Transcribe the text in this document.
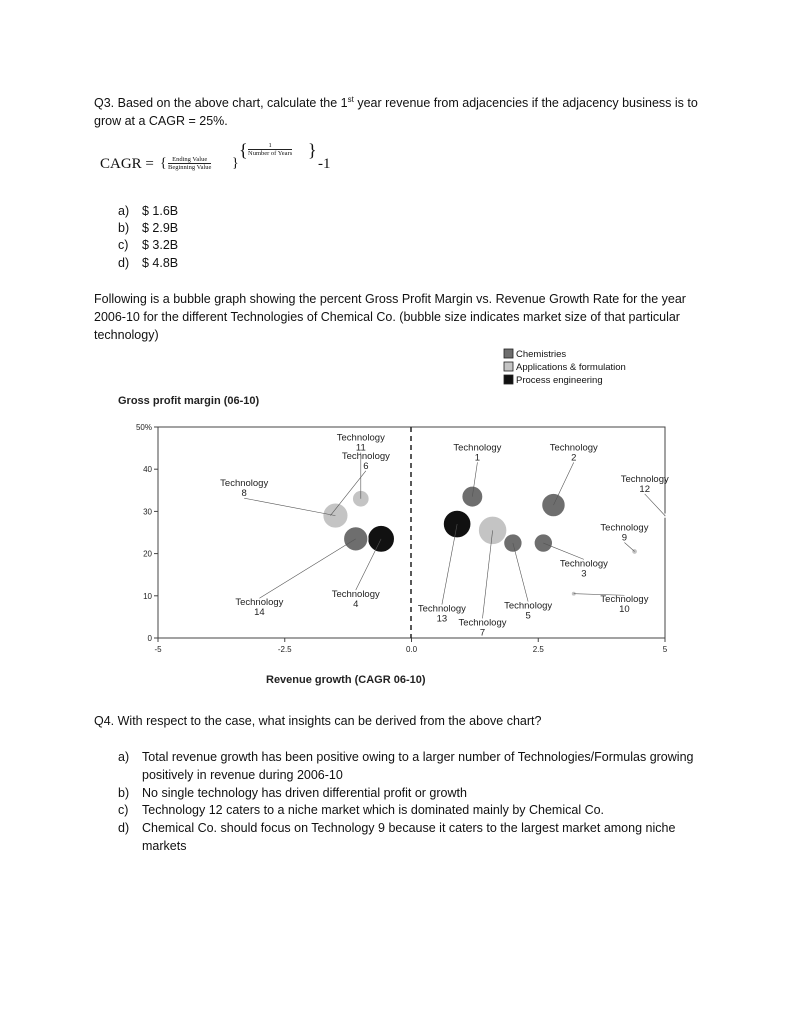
Q3. Based on the above chart, calculate the 1st year revenue from adjacencies if the adjacency business is to grow at a CAGR = 25%.

CAGR = { Ending Value
Beginning Value }
{	1
Number of Years }
-1
a) $ 1.6B
b) $ 2.9B
c) $ 3.2B
d) $ 4.8B

Following is a bubble graph showing the percent Gross Profit Margin vs. Revenue Growth Rate for the year 2006-10 for the different Technologies of Chemical Co. (bubble size indicates market size of that particular technology)

Chemistries
Applications & formulation
Process engineering
Gross profit margin (06-10)
0
10
20
30
40
50%
-5	-2.5	0.0	2.5	5
Technology 4
Technology 14
Technology 8
Technology 6
Technology 11
Technology 13
Technology 1
Technology 7
Technology 5
Technology 3
Technology 2
Technology 12
Technology 9
Technology 10
Revenue growth (CAGR 06-10)

Q4. With respect to the case, what insights can be derived from the above chart?

a) Total revenue growth has been positive owing to a larger number of Technologies/Formulas growing positively in revenue during 2006-10
b) No single technology has driven differential profit or growth
c) Technology 12 caters to a niche market which is dominated mainly by Chemical Co.
d) Chemical Co. should focus on Technology 9 because it caters to the largest market among niche markets
